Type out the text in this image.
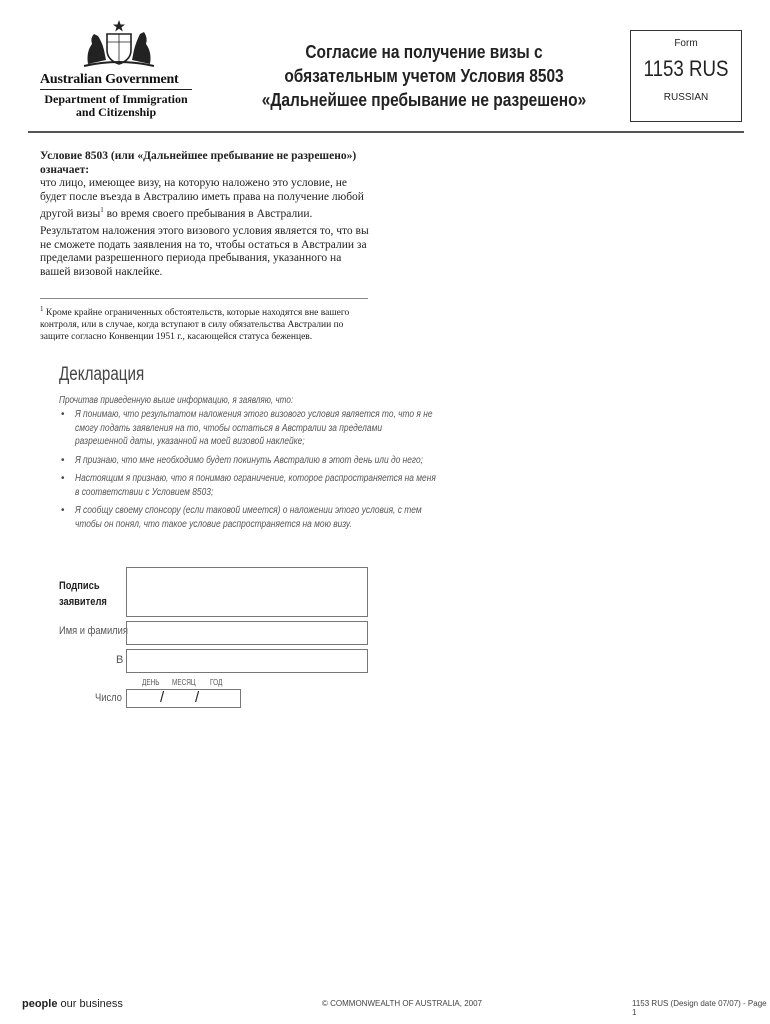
Australian Government
Department of Immigration
and Citizenship
Согласие на получение визы с
обязательным учетом Условия 8503
«Дальнейшее пребывание не разрешено»
Form
1153 RUS
RUSSIAN
Условие 8503 (или «Дальнейшее пребывание не разрешено») означает:

что лицо, имеющее визу, на которую наложено это условие, не будет после въезда в Австралию иметь права на получение любой другой визы$^1$ во время своего пребывания в Австралии.

Результатом наложения этого визового условия является то, что вы не сможете подать заявления на то, чтобы остаться в Австралии за пределами разрешенного периода пребывания, указанного на вашей визовой наклейке.

$^1$ Кроме крайне ограниченных обстоятельств, которые находятся вне вашего контроля, или в случае, когда вступают в силу обязательства Австралии по защите согласно Конвенции 1951 г., касающейся статуса беженцев.
Декларация
Прочитав приведенную выше информацию, я заявляю, что:
• Я понимаю, что результатом наложения этого визового условия является то, что я не смогу подать заявления на то, чтобы остаться в Австралии за пределами разрешенной даты, указанной на моей визовой наклейке;
• Я признаю, что мне необходимо будет покинуть Австралию в этот день или до него;
• Настоящим я признаю, что я понимаю ограничение, которое распространяется на меня в соответствии с Условием 8503;
• Я сообщу своему спонсору (если таковой имеется) о наложении этого условия, с тем чтобы он понял, что такое условие распространяется на мою визу.
Подпись
заявителя
Имя и фамилия
В
ДЕНЬ МЕСЯЦ ГОД
Число	/ /
people our business	© COMMONWEALTH OF AUSTRALIA, 2007	1153 RUS (Design date 07/07) - Page 1
